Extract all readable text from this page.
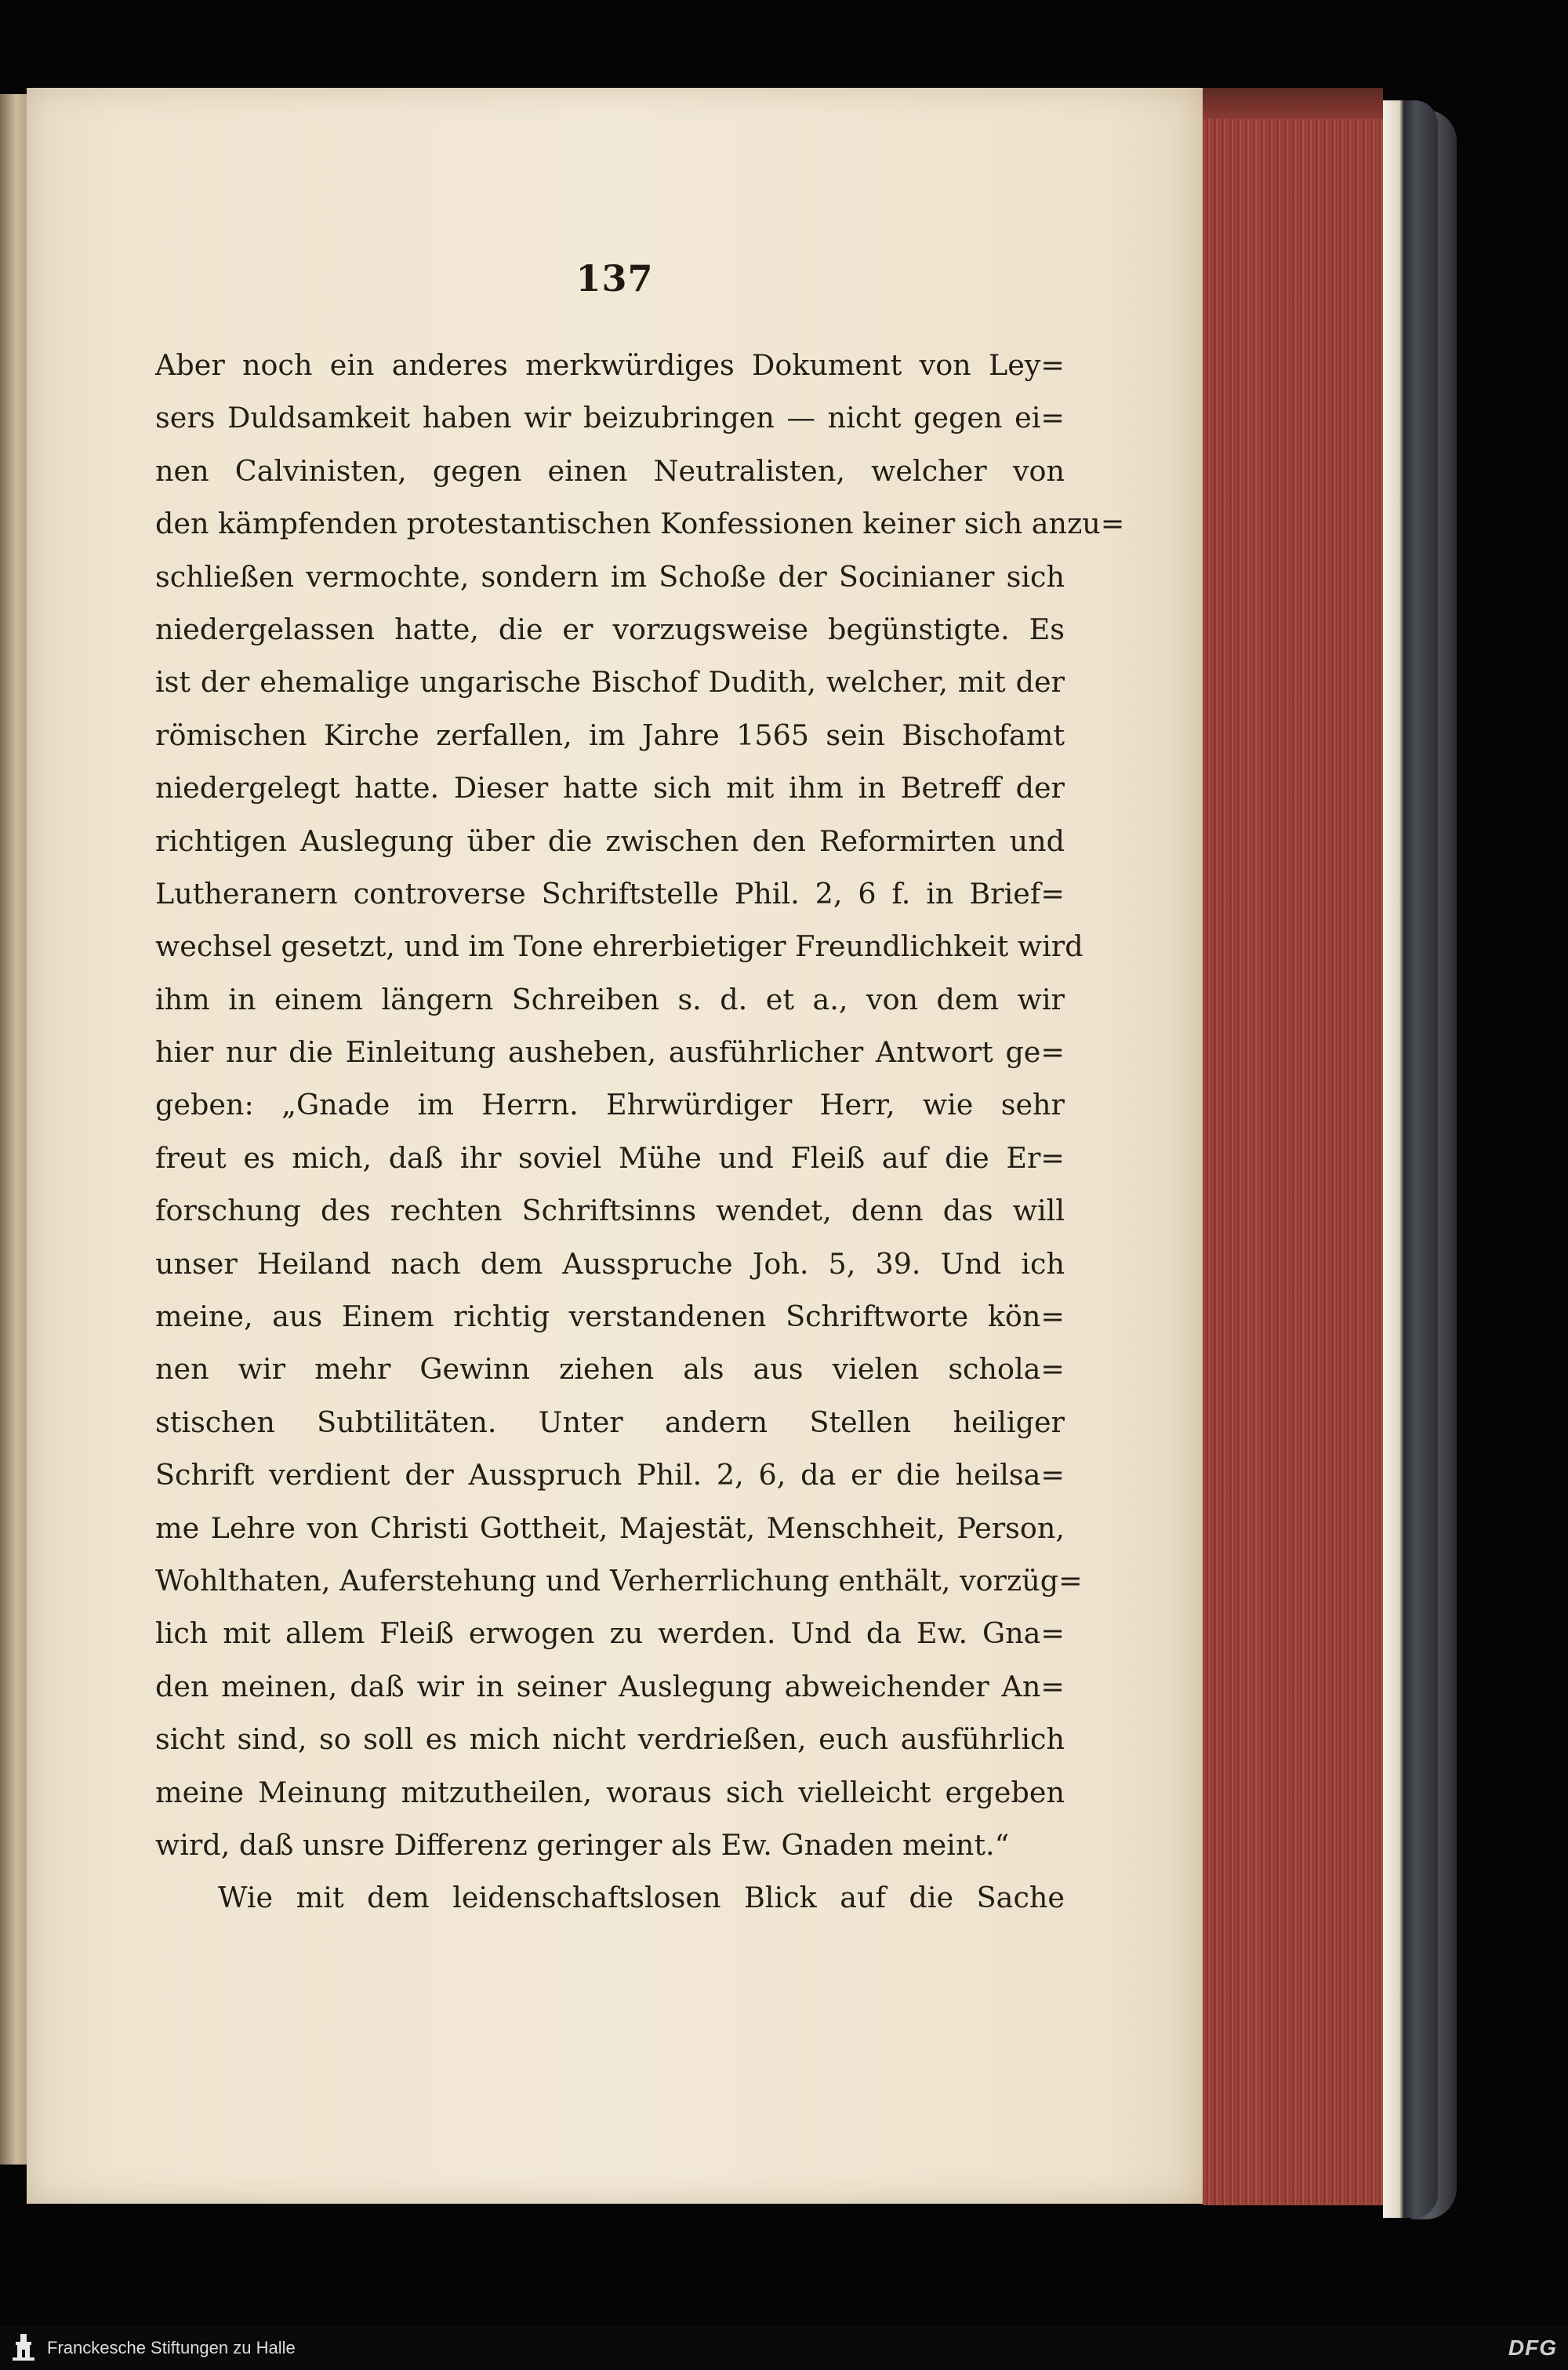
137
Aber noch ein anderes merkwürdiges Dokument von Ley=
sers Duldsamkeit haben wir beizubringen — nicht gegen ei=
nen Calvinisten, gegen einen Neutralisten, welcher von
den kämpfenden protestantischen Konfessionen keiner sich anzu=
schließen vermochte, sondern im Schoße der Socinianer sich
niedergelassen hatte, die er vorzugsweise begünstigte. Es
ist der ehemalige ungarische Bischof Dudith, welcher, mit der
römischen Kirche zerfallen, im Jahre 1565 sein Bischofamt
niedergelegt hatte. Dieser hatte sich mit ihm in Betreff der
richtigen Auslegung über die zwischen den Reformirten und
Lutheranern controverse Schriftstelle Phil. 2, 6 f. in Brief=
wechsel gesetzt, und im Tone ehrerbietiger Freundlichkeit wird
ihm in einem längern Schreiben s. d. et a., von dem wir
hier nur die Einleitung ausheben, ausführlicher Antwort ge=
geben: „Gnade im Herrn. Ehrwürdiger Herr, wie sehr
freut es mich, daß ihr soviel Mühe und Fleiß auf die Er=
forschung des rechten Schriftsinns wendet, denn das will
unser Heiland nach dem Ausspruche Joh. 5, 39. Und ich
meine, aus Einem richtig verstandenen Schriftworte kön=
nen wir mehr Gewinn ziehen als aus vielen schola=
stischen Subtilitäten. Unter andern Stellen heiliger
Schrift verdient der Ausspruch Phil. 2, 6, da er die heilsa=
me Lehre von Christi Gottheit, Majestät, Menschheit, Person,
Wohlthaten, Auferstehung und Verherrlichung enthält, vorzüg=
lich mit allem Fleiß erwogen zu werden. Und da Ew. Gna=
den meinen, daß wir in seiner Auslegung abweichender An=
sicht sind, so soll es mich nicht verdrießen, euch ausführlich
meine Meinung mitzutheilen, woraus sich vielleicht ergeben
wird, daß unsre Differenz geringer als Ew. Gnaden meint.“
Wie mit dem leidenschaftslosen Blick auf die Sache
Franckesche Stiftungen zu Halle	DFG
